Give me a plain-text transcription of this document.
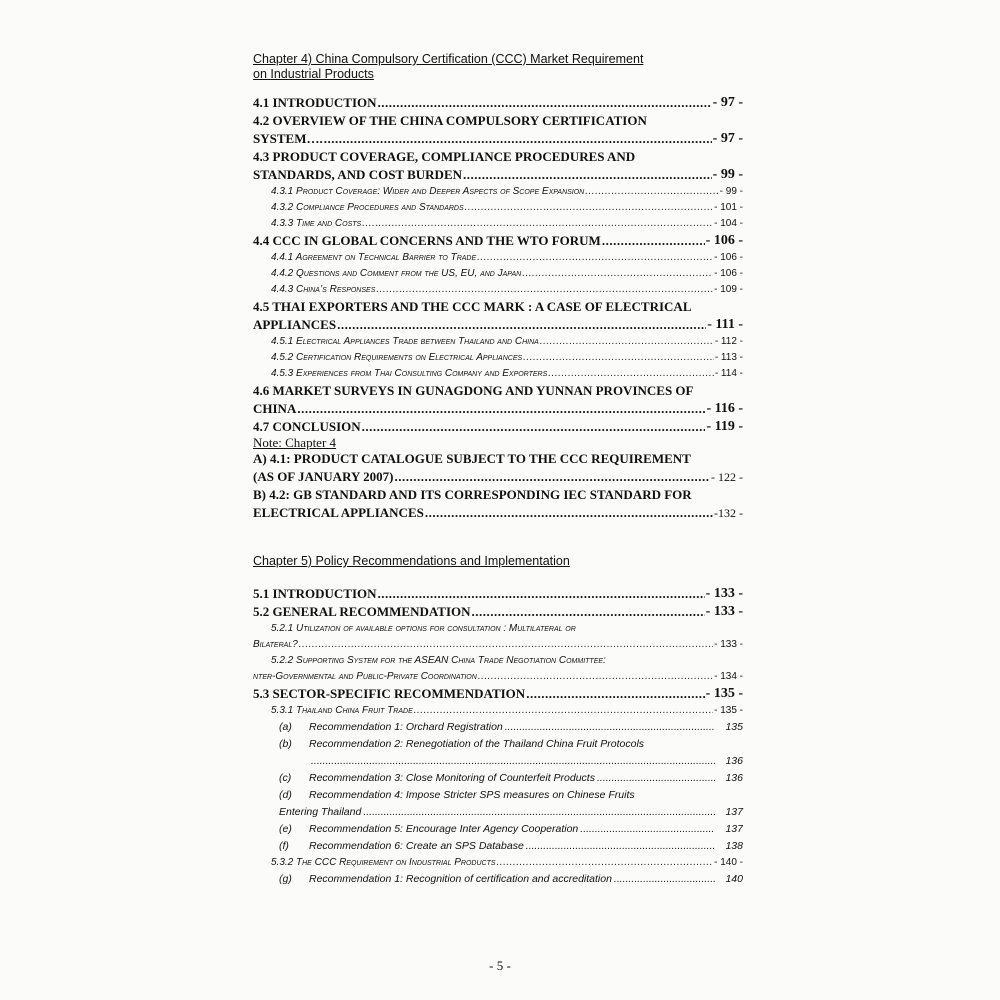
Chapter 4) China Compulsory Certification (CCC) Market Requirement
on Industrial Products
4.1 INTRODUCTION .....	- 97 -
4.2 OVERVIEW OF THE CHINA COMPULSORY CERTIFICATION
SYSTEM…. .....	- 97 -
4.3 PRODUCT COVERAGE, COMPLIANCE PROCEDURES AND
STANDARDS, AND COST BURDEN .....	- 99 -
4.3.1 Product Coverage: Wider and Deeper Aspects of Scope Expansion .....	- 99 -
4.3.2 Compliance Procedures and Standards .....	- 101 -
4.3.3 Time and Costs .....	- 104 -
4.4 CCC IN GLOBAL CONCERNS AND THE WTO FORUM .....	- 106 -
4.4.1 Agreement on Technical Barrier to Trade .....	- 106 -
4.4.2 Questions and Comment from the US, EU, and Japan .....	- 106 -
4.4.3 China’s Responses .....	- 109 -
4.5 THAI EXPORTERS AND THE CCC MARK : A CASE OF ELECTRICAL
APPLIANCES .....	- 111 -
4.5.1 Electrical Appliances Trade between Thailand and China .....	- 112 -
4.5.2 Certification Requirements on Electrical Appliances .....	- 113 -
4.5.3 Experiences from Thai Consulting Company and Exporters .....	- 114 -
4.6 MARKET SURVEYS IN GUNAGDONG AND YUNNAN PROVINCES OF
CHINA .....	- 116 -
4.7 CONCLUSION .....	- 119 -
Note: Chapter 4
A) 4.1: PRODUCT CATALOGUE SUBJECT TO THE CCC REQUIREMENT
(AS OF JANUARY 2007) .....	- 122 -
B) 4.2: GB STANDARD AND ITS CORRESPONDING IEC STANDARD FOR
ELECTRICAL APPLIANCES .....	-132 -
Chapter 5) Policy Recommendations and Implementation
5.1 INTRODUCTION .....	- 133 -
5.2 GENERAL RECOMMENDATION .....	- 133 -
5.2.1 Utilization of available options for consultation : Multilateral or
Bilateral? .....	- 133 -
5.2.2 Supporting System for the ASEAN China Trade Negotiation Committee:
nter-Governmental and Public-Private Coordination .....	- 134 -
5.3 SECTOR-SPECIFIC RECOMMENDATION .....	- 135 -
5.3.1 Thailand China Fruit Trade .....	- 135 -
(a)	Recommendation 1: Orchard Registration .....	135
(b)	Recommendation 2: Renegotiation of the Thailand China Fruit Protocols
.....
136
(c)	Recommendation 3: Close Monitoring of Counterfeit Products .....	136
(d)	Recommendation 4: Impose Stricter SPS measures on Chinese Fruits
Entering Thailand .....	137
(e)	Recommendation 5: Encourage Inter Agency Cooperation .....	137
(f)	Recommendation 6: Create an SPS Database .....	138
5.3.2 The CCC Requirement on Industrial Products .....	- 140 -
(g)	Recommendation 1: Recognition of certification and accreditation .....	140
- 5 -
